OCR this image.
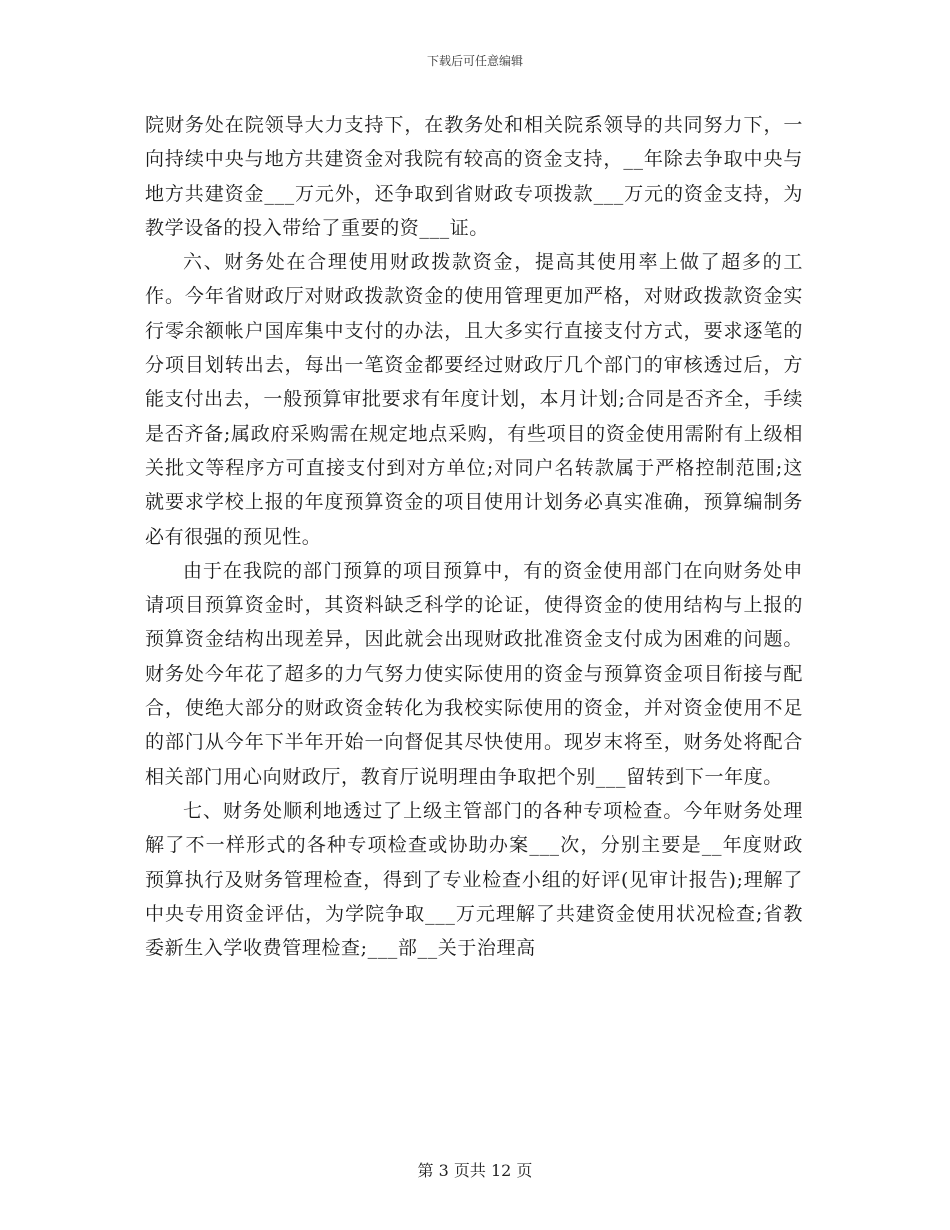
下载后可任意编辑

院财务处在院领导大力支持下，在教务处和相关院系领导的共同努力下，一向持续中央与地方共建资金对我院有较高的资金支持，__年除去争取中央与地方共建资金___万元外，还争取到省财政专项拨款___万元的资金支持，为教学设备的投入带给了重要的资___证。

六、财务处在合理使用财政拨款资金，提高其使用率上做了超多的工作。今年省财政厅对财政拨款资金的使用管理更加严格，对财政拨款资金实行零余额帐户国库集中支付的办法，且大多实行直接支付方式，要求逐笔的分项目划转出去，每出一笔资金都要经过财政厅几个部门的审核透过后，方能支付出去，一般预算审批要求有年度计划，本月计划;合同是否齐全，手续是否齐备;属政府采购需在规定地点采购，有些项目的资金使用需附有上级相关批文等程序方可直接支付到对方单位;对同户名转款属于严格控制范围;这就要求学校上报的年度预算资金的项目使用计划务必真实准确，预算编制务必有很强的预见性。

由于在我院的部门预算的项目预算中，有的资金使用部门在向财务处申请项目预算资金时，其资料缺乏科学的论证，使得资金的使用结构与上报的预算资金结构出现差异，因此就会出现财政批准资金支付成为困难的问题。财务处今年花了超多的力气努力使实际使用的资金与预算资金项目衔接与配合，使绝大部分的财政资金转化为我校实际使用的资金，并对资金使用不足的部门从今年下半年开始一向督促其尽快使用。现岁末将至，财务处将配合相关部门用心向财政厅，教育厅说明理由争取把个别___留转到下一年度。

七、财务处顺利地透过了上级主管部门的各种专项检查。今年财务处理解了不一样形式的各种专项检查或协助办案___次，分别主要是__年度财政预算执行及财务管理检查，得到了专业检查小组的好评(见审计报告);理解了中央专用资金评估，为学院争取___万元理解了共建资金使用状况检查;省教委新生入学收费管理检查;___部__关于治理高

第 3 页共 12 页
